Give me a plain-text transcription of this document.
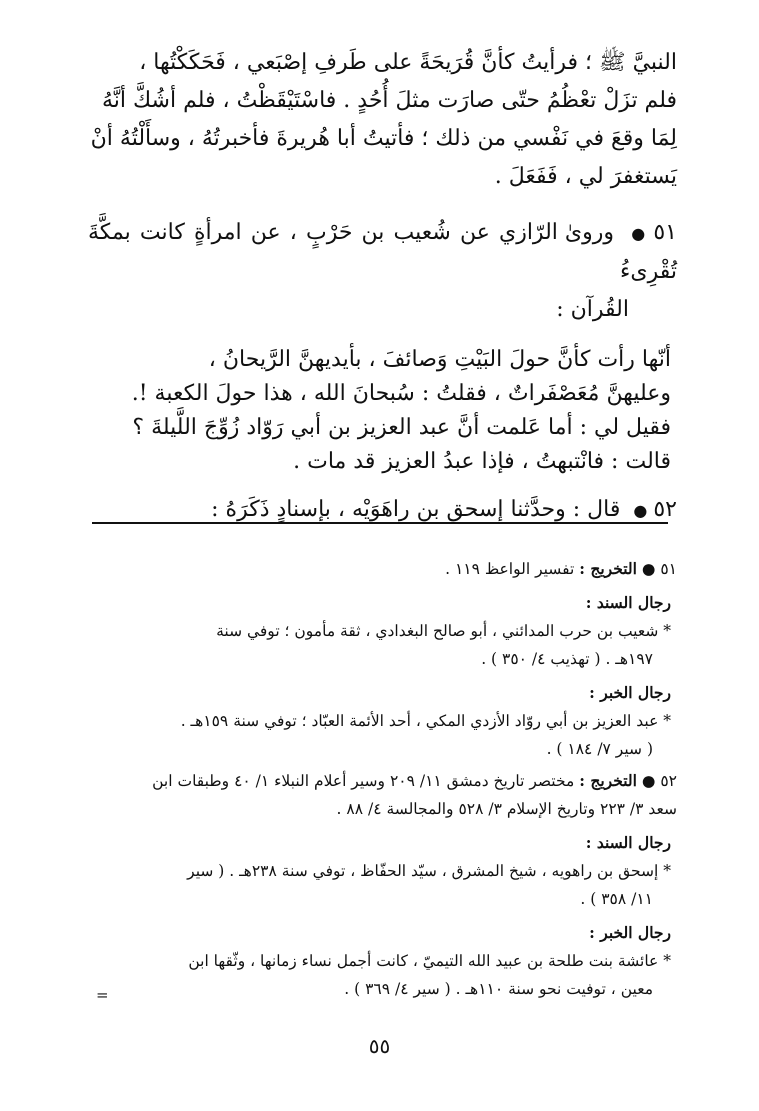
النبيَّ ﷺ ؛ فرأيتُ كأنَّ قُرَيحَةً على طَرفِ إصْبَعي ، فَحَكَكْتُها ،

فلم تزَلْ تعْظُمُ حتّى صارَت مثلَ أُحُدٍ . فاسْتَيْقَظْتُ ، فلم أشُكَّ أنَّهُ

لِمَا وقعَ في نَفْسي من ذلك ؛ فأتيتُ أبا هُريرةَ فأخبرتُهُ ، وسأَلْتُهُ أنْ

يَستغفرَ لي ، فَفَعَلَ .

٥١● وروىٰ الرّازي عن شُعيب بن حَرْبٍ ، عن امرأةٍ كانت بمكَّةَ تُقْرِىءُ

القُرآن :

أنّها رأت كأنَّ حولَ البَيْتِ وَصائفَ ، بأيديهنَّ الرَّيحانُ ،

وعليهنَّ مُعَصْفَراتٌ ، فقلتُ : سُبحانَ الله ، هذا حولَ الكعبة !.

فقيل لي : أما عَلمت أنَّ عبد العزيز بن أبي رَوّاد زُوِّجَ اللَّيلةَ ؟

قالت : فانْتبهتُ ، فإذا عبدُ العزيز قد مات .

٥٢● قال : وحدَّثنا إسحق بن راهَوَيْه ، بإسنادٍ ذَكَرَهُ :

٥١ ● التخريج : تفسير الواعظ ١١٩ .

رجال السند :

* شعيب بن حرب المدائني ، أبو صالح البغدادي ، ثقة مأمون ؛ توفي سنة

١٩٧هـ . ( تهذيب ٤/ ٣٥٠ ) .

رجال الخبر :

* عبد العزيز بن أبي روّاد الأزدي المكي ، أحد الأئمة العبّاد ؛ توفي سنة ١٥٩هـ .

( سير ٧/ ١٨٤ ) .

٥٢ ● التخريج : مختصر تاريخ دمشق ١١/ ٢٠٩ وسير أعلام النبلاء ١/ ٤٠ وطبقات ابن

سعد ٣/ ٢٢٣ وتاريخ الإسلام ٣/ ٥٢٨ والمجالسة ٤/ ٨٨ .

رجال السند :

* إسحق بن راهويه ، شيخ المشرق ، سيّد الحفّاظ ، توفي سنة ٢٣٨هـ . ( سير

١١/ ٣٥٨ ) .

رجال الخبر :

* عائشة بنت طلحة بن عبيد الله التيميّ ، كانت أجمل نساء زمانها ، وثّقها ابن

معين ، توفيت نحو سنة ١١٠هـ . ( سير ٤/ ٣٦٩ ) .

=
٥٥
